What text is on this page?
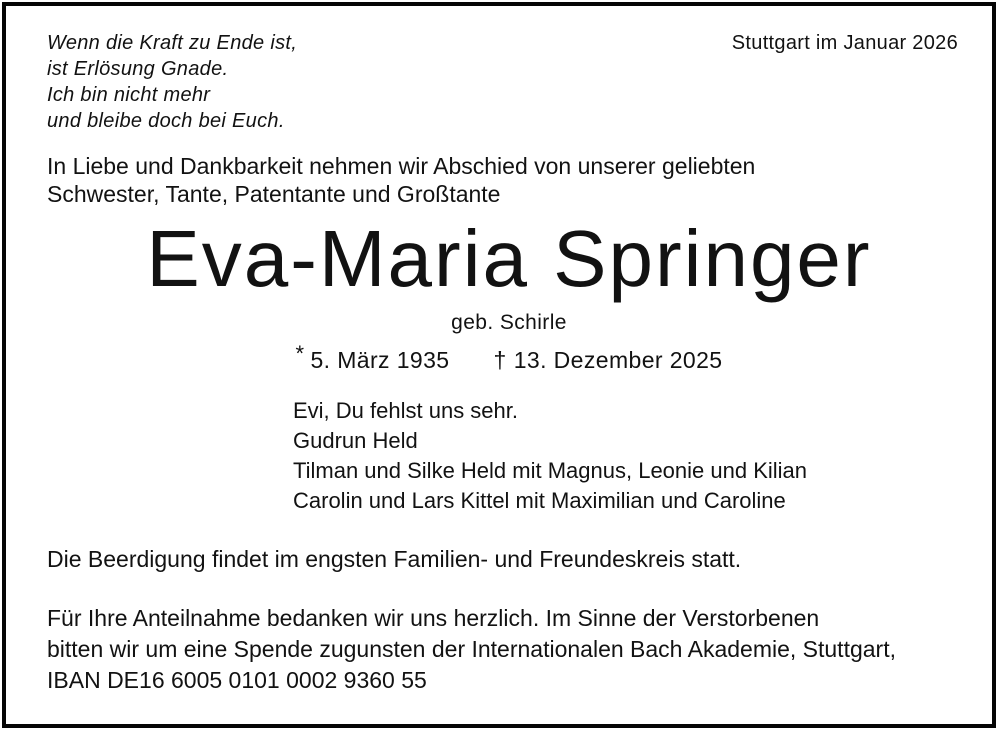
Wenn die Kraft zu Ende ist,
ist Erlösung Gnade.
Ich bin nicht mehr
und bleibe doch bei Euch.
Stuttgart im Januar 2026
In Liebe und Dankbarkeit nehmen wir Abschied von unserer geliebten
Schwester, Tante, Patentante und Großtante
Eva-Maria Springer
geb. Schirle
* 5. März 1935 † 13. Dezember 2025
Evi, Du fehlst uns sehr.
Gudrun Held
Tilman und Silke Held mit Magnus, Leonie und Kilian
Carolin und Lars Kittel mit Maximilian und Caroline
Die Beerdigung findet im engsten Familien- und Freundeskreis statt.
Für Ihre Anteilnahme bedanken wir uns herzlich. Im Sinne der Verstorbenen
bitten wir um eine Spende zugunsten der Internationalen Bach Akademie, Stuttgart,
IBAN DE16 6005 0101 0002 9360 55
